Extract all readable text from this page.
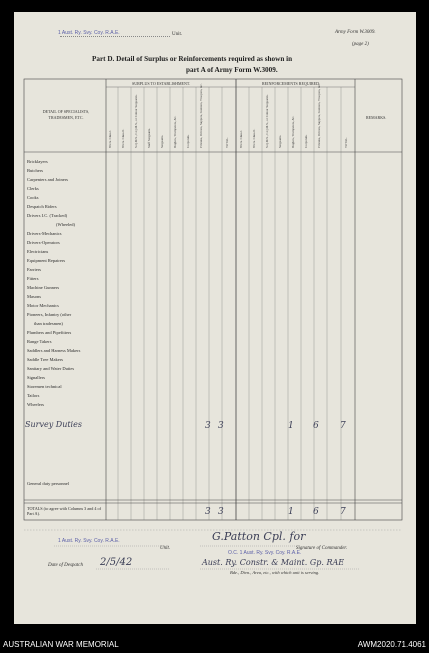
1 Aust. Ry. Svy. Coy. R.A.E.	Unit.	Army Form W.3009.
(page 2)
Part D. Detail of Surplus or Reinforcements required as shown in
part A of Army Form W.3009.
DETAIL OF SPECIALISTS, TRADESMEN, ETC.
SURPLUS TO ESTABLISHMENT.	REINFORCEMENTS REQUIRED.
REMARKS.
W.Os. Class I.	W.Os. Class II.	S.Q.M.S., C.Q.M.S., or Colour Sergeants.	Staff Sergeants.	Sergeants.	Buglers, Trumpeters, &c.	Corporals.	Privates, Drivers, Sappers, Gunners, Troopers, &c.	TOTAL.	W.Os. Class I.	W.Os. Class II.	S.Q.M.S., C.Q.M.S., or Colour Sergeants.	Sergeants.	Buglers, Trumpeters, &c.	Corporals.	Privates, Drivers, Sappers, Gunners, Troopers, &c.	TOTAL.
Bricklayers
Butchers
Carpenters and Joiners
Clerks
Cooks
Despatch Riders
Drivers I.C. (Tracked)
(Wheeled)
Drivers-Mechanics
Drivers-Operators
Electricians
Equipment Repairers
Farriers
Fitters
Machine Gunners
Masons
Motor Mechanics
Pioneers, Infantry (other
than tradesmen)
Plumbers and Pipefitters
Range Takers
Saddlers and Harness Makers
Saddle Tree Makers
Sanitary and Water Duties
Signallers
Storemen technical
Tailors
Wheelers
Survey Duties	3 3	1 6 7
General duty personnel
TOTALS (to agree with Columns 3 and 4 of Part A).	3 3	1 6 7
1 Aust. Ry. Svy. Coy. R.A.E.
Unit.
G.Patton Cpl. for
Signature of Commander.
O.C. 1 Aust. Ry. Svy. Coy. R.A.E.
Date of Despatch 2/5/42	Aust. Ry. Constr. & Maint. Gp. RAE
Bde., Divn., Area, etc., with which unit is serving.
AUSTRALIAN WAR MEMORIAL	AWM2020.71.4061
